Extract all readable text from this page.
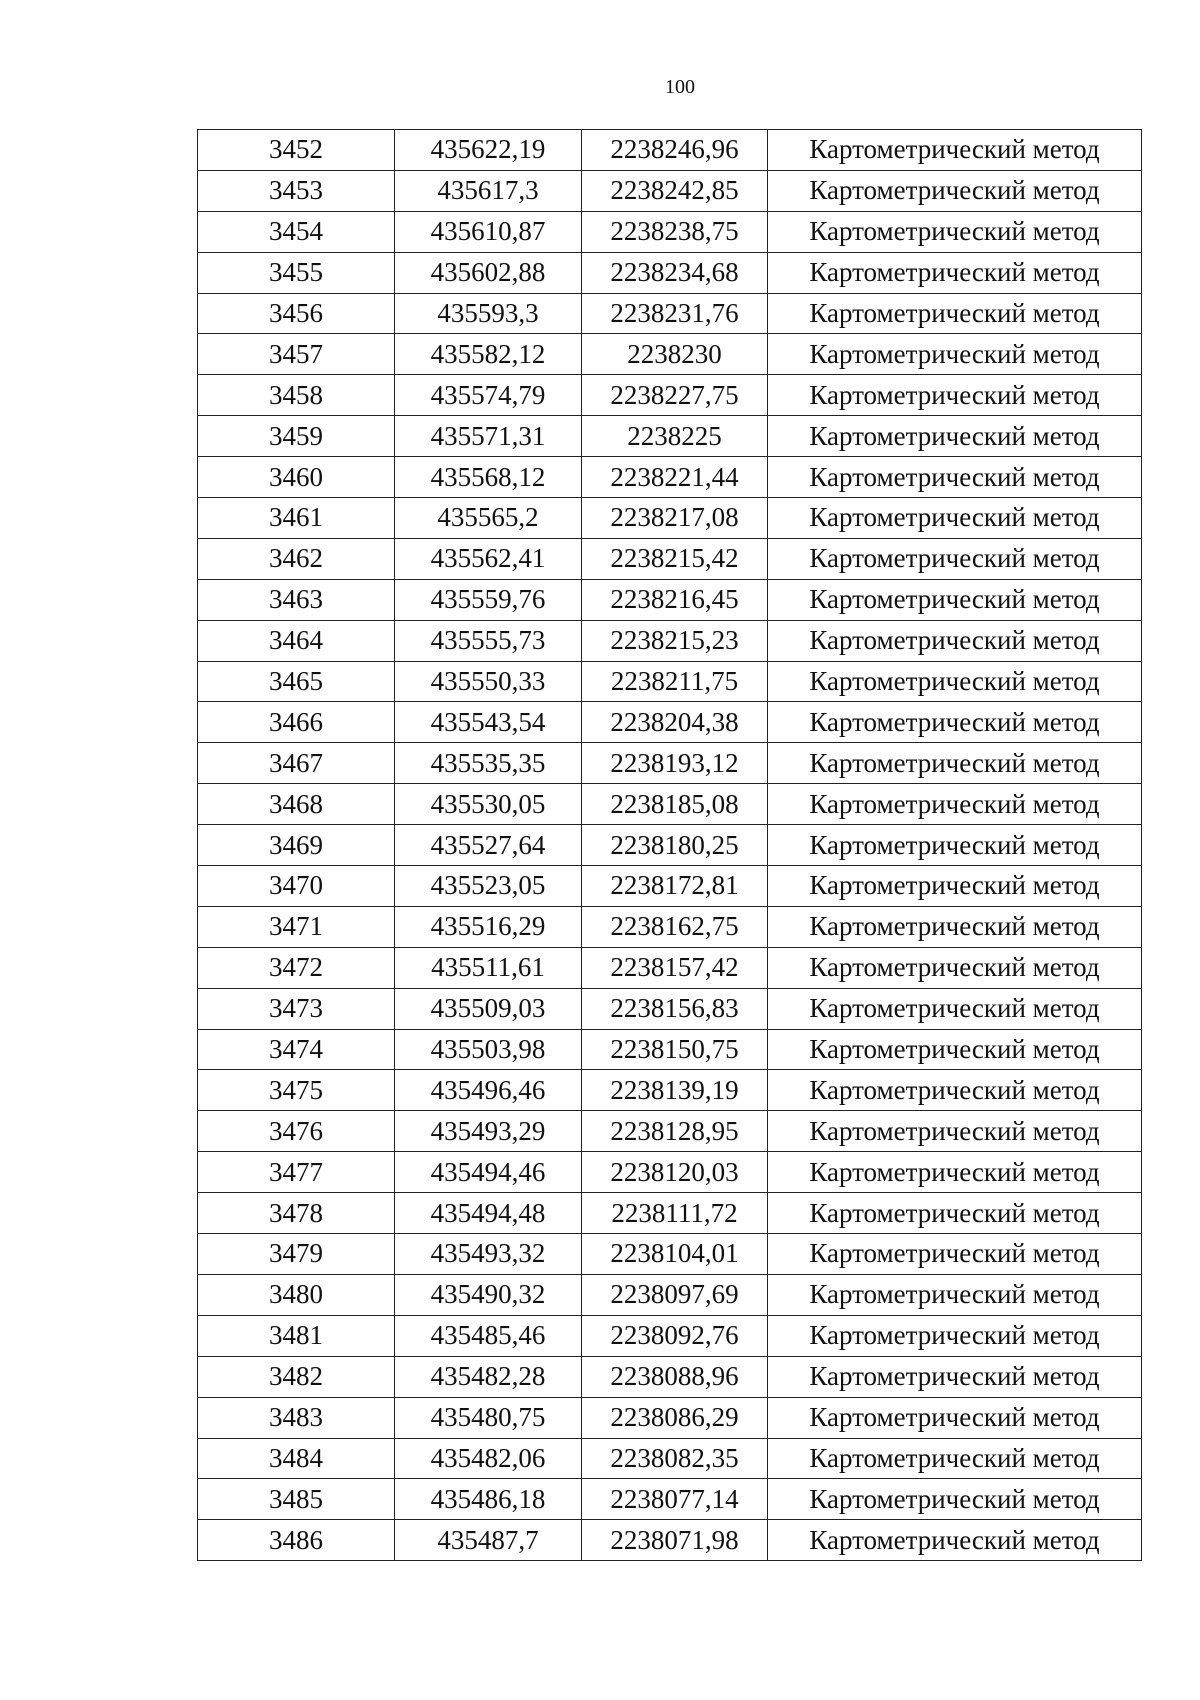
100
3452	435622,19	2238246,96	Картометрический метод
3453	435617,3	2238242,85	Картометрический метод
3454	435610,87	2238238,75	Картометрический метод
3455	435602,88	2238234,68	Картометрический метод
3456	435593,3	2238231,76	Картометрический метод
3457	435582,12	2238230	Картометрический метод
3458	435574,79	2238227,75	Картометрический метод
3459	435571,31	2238225	Картометрический метод
3460	435568,12	2238221,44	Картометрический метод
3461	435565,2	2238217,08	Картометрический метод
3462	435562,41	2238215,42	Картометрический метод
3463	435559,76	2238216,45	Картометрический метод
3464	435555,73	2238215,23	Картометрический метод
3465	435550,33	2238211,75	Картометрический метод
3466	435543,54	2238204,38	Картометрический метод
3467	435535,35	2238193,12	Картометрический метод
3468	435530,05	2238185,08	Картометрический метод
3469	435527,64	2238180,25	Картометрический метод
3470	435523,05	2238172,81	Картометрический метод
3471	435516,29	2238162,75	Картометрический метод
3472	435511,61	2238157,42	Картометрический метод
3473	435509,03	2238156,83	Картометрический метод
3474	435503,98	2238150,75	Картометрический метод
3475	435496,46	2238139,19	Картометрический метод
3476	435493,29	2238128,95	Картометрический метод
3477	435494,46	2238120,03	Картометрический метод
3478	435494,48	2238111,72	Картометрический метод
3479	435493,32	2238104,01	Картометрический метод
3480	435490,32	2238097,69	Картометрический метод
3481	435485,46	2238092,76	Картометрический метод
3482	435482,28	2238088,96	Картометрический метод
3483	435480,75	2238086,29	Картометрический метод
3484	435482,06	2238082,35	Картометрический метод
3485	435486,18	2238077,14	Картометрический метод
3486	435487,7	2238071,98	Картометрический метод
